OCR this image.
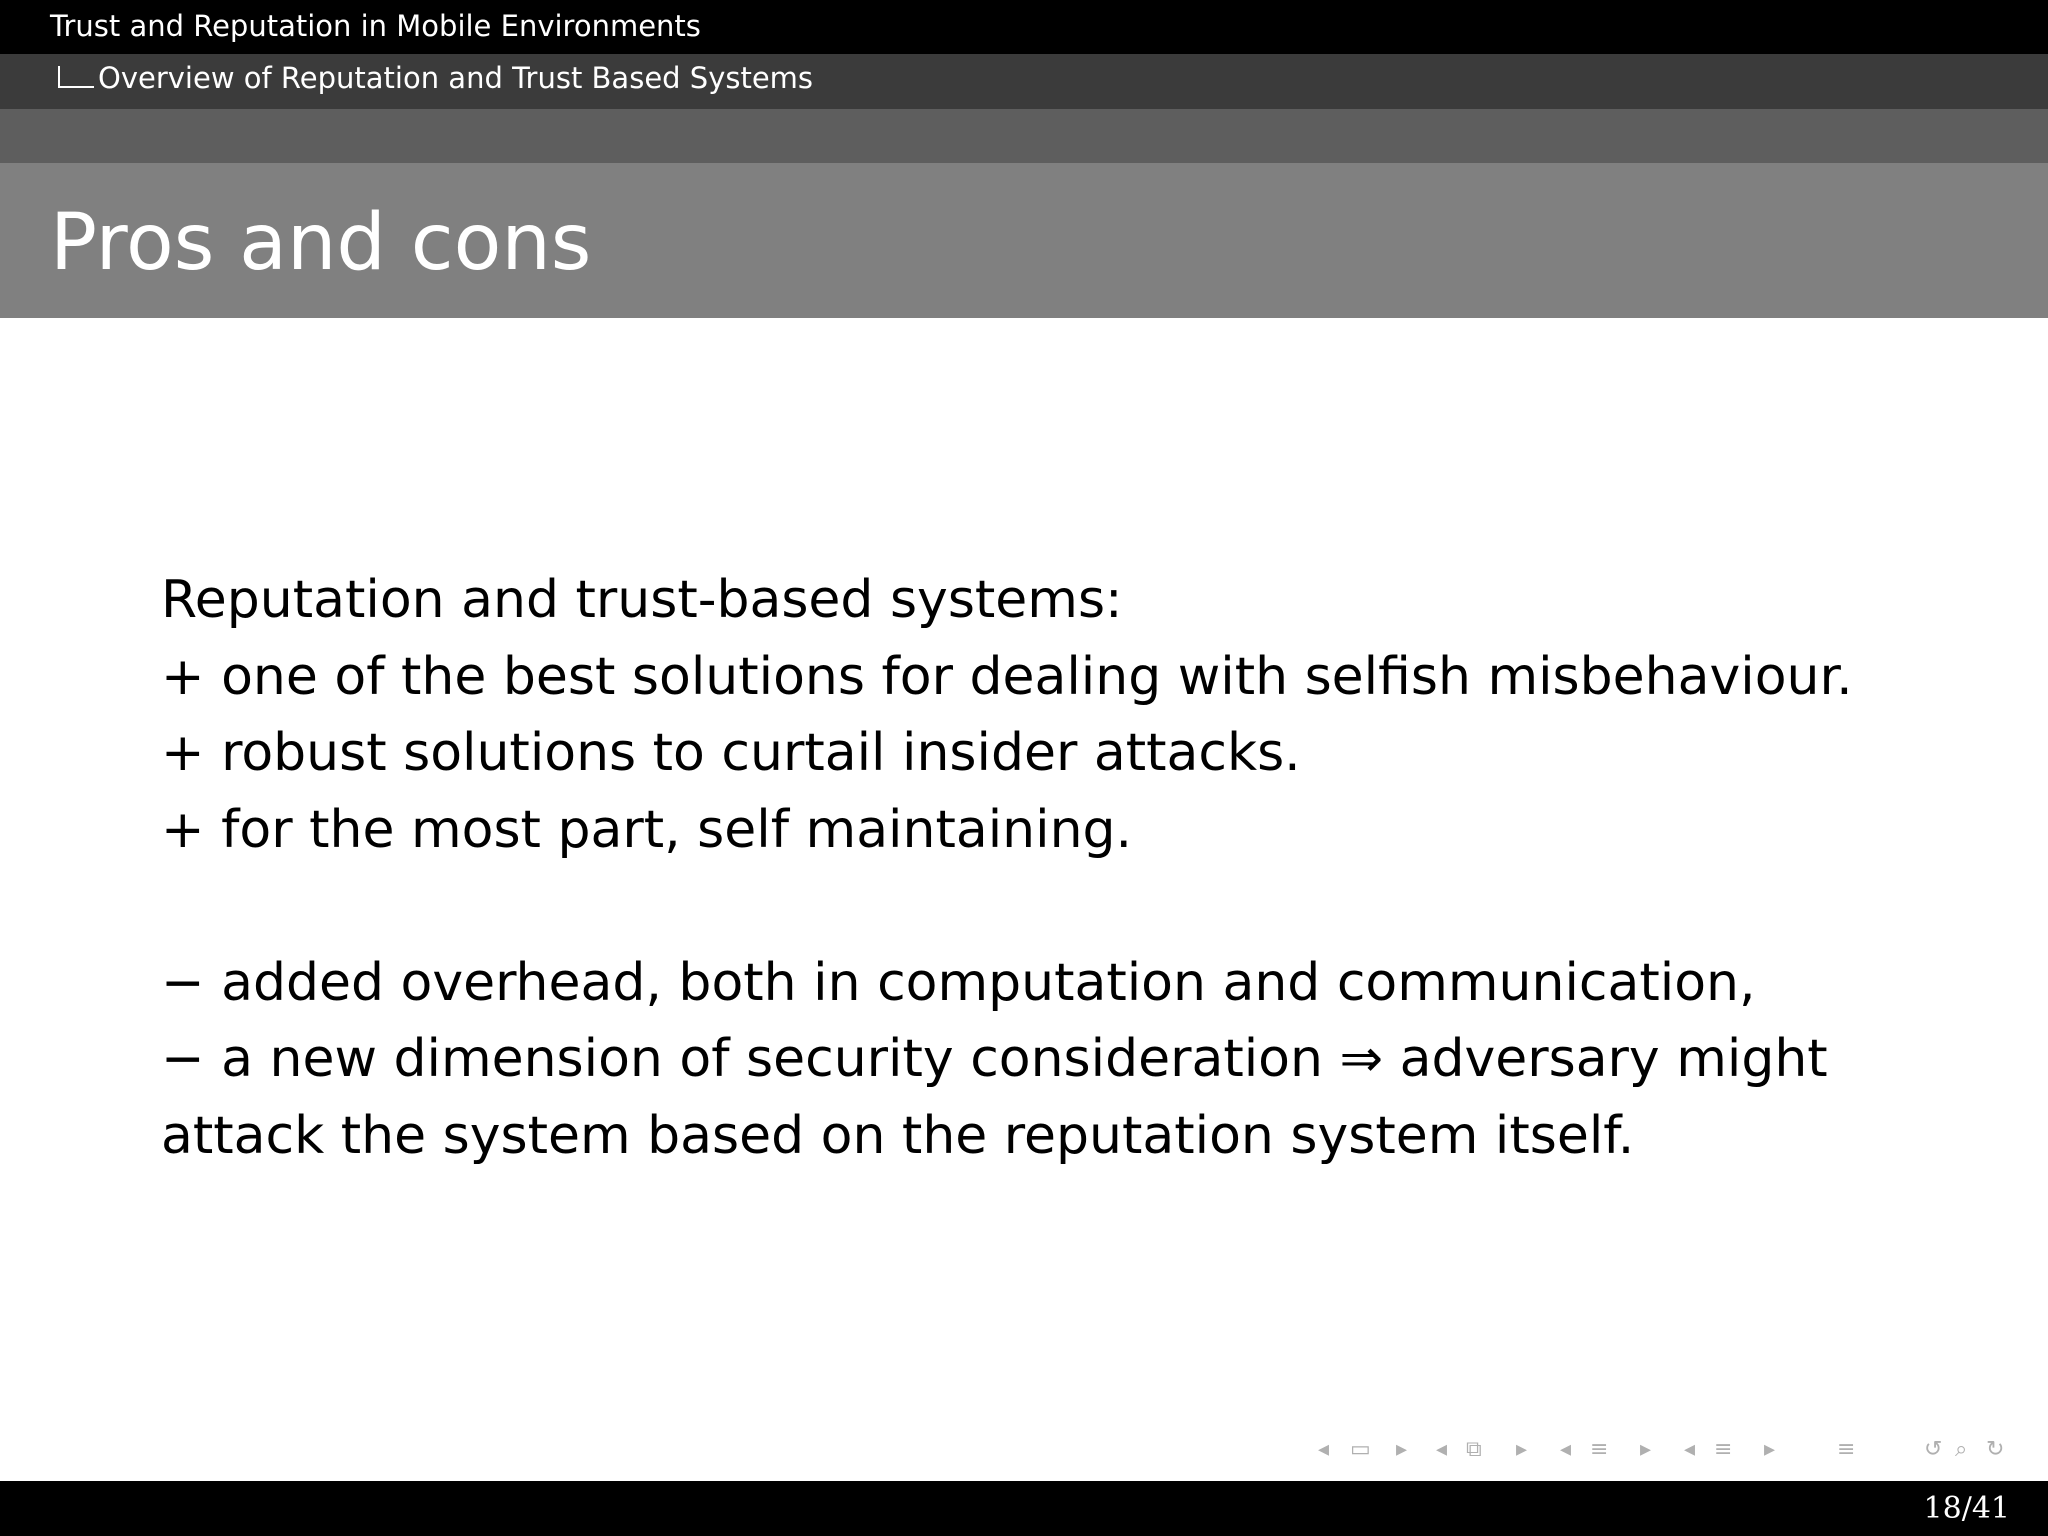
Trust and Reputation in Mobile Environments
Overview of Reputation and Trust Based Systems
Pros and cons
Reputation and trust-based systems:
+ one of the best solutions for dealing with selfish misbehaviour.
+ robust solutions to curtail insider attacks.
+ for the most part, self maintaining.
− added overhead, both in computation and communication,
− a new dimension of security consideration ⇒ adversary might
attack the system based on the reputation system itself.
◂ ▭ ▸ ◂ ⧉ ▸ ◂ ≡ ▸ ◂ ≡ ▸	≡	↺ ⌕ ↻
18/41
